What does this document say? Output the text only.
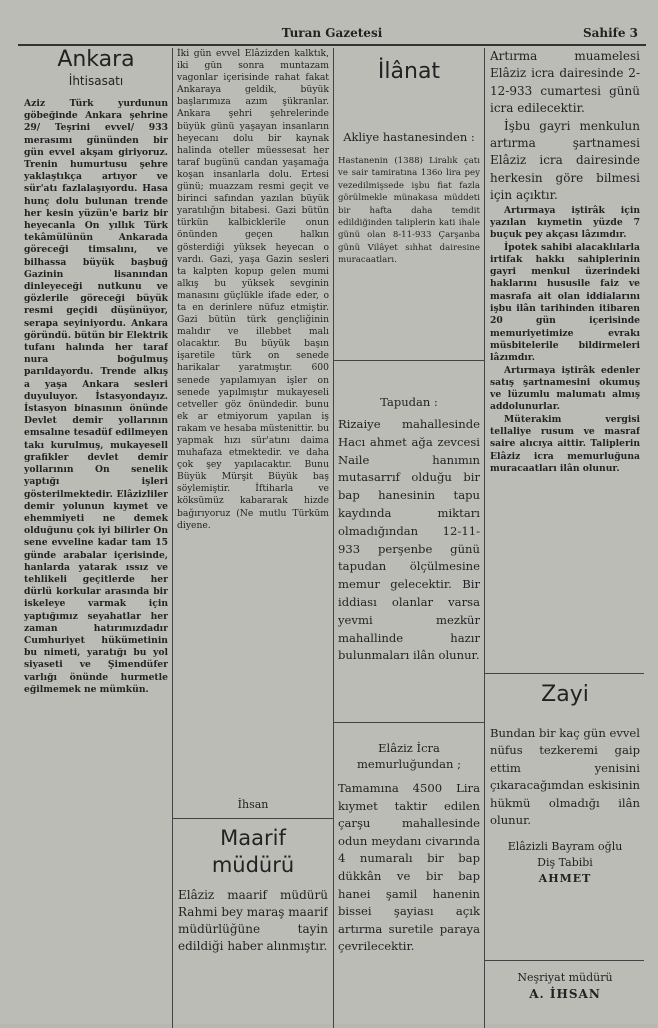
Turan Gazetesi	Sahife 3

Ankara

İhtisasatı

Aziz Türk yurdunun göbeğinde Ankara şehrine 29/ Teşrini evvel/ 933 merasımı gününden bir gün evvel akşam giriyoruz. Trenin humurtusu şehre yaklaştıkça artıyor ve sür'atı fazlalaşıyordu. Hasa hunç dolu bulunan trende her kesin yüzün'e bariz bir heyecanla On yıllık Türk tekâmülünün Ankarada göreceği timsalını, ve bilhassa büyük başbuğ Gazinin lisanından dinleyeceği nutkunu ve gözlerile göreceği büyük resmi geçidi düşünüyor, serapa seyiniyordu. Ankara göründü. bütün bir Elektrik tufanı halında her taraf nura boğulmuş parıldayordu. Trende alkış a yaşa Ankara sesleri duyuluyor. İstasyondayız. İstasyon binasının önünde Devlet demir yollarının emsalıne tesadüf edilmeyen takı kurulmuş, mukayesell grafikler devlet demir yollarının On senelik yaptığı işleri gösterilmektedir. Elâzizliler demir yolunun kıymet ve ehemmiyeti ne demek olduğunu çok iyi bilirler On sene evveline kadar tam 15 günde arabalar içerisinde, hanlarda yatarak ıssız ve tehlikeli geçitlerde her dürlü korkular arasında bir iskeleye varmak için yaptığımız seyahatlar her zaman hatırımızdadır Cumhuriyet hükümetinin bu nimeti, yaratığı bu yol siyaseti ve Şimendüfer varlığı önünde hurmetle eğilmemek ne mümkün.

İki gün evvel Elâzizden kalktık, iki gün sonra muntazam vagonlar içerisinde rahat fakat Ankaraya geldik, büyük başlarımıza azım şükranlar. Ankara şehri şehrelerinde büyük günü yaşayan insanların heyecanı dolu bir kaynak halinda oteller müessesat her taraf bugünü candan yaşamağa koşan insanlarla dolu. Ertesi günü; muazzam resmi geçit ve birinci safından yazılan büyük yaratılığın bitabesi. Gazi bütün türkün kalbicklerile onun önünden geçen halkın gösterdiği yüksek heyecan o vardı. Gazi, yaşa Gazin sesleri ta kalpten kopup gelen mumi alkış bu yüksek sevginin manasını güçlükle ifade eder, o ta en derinlere nüfuz etmiştir. Gazi bütün türk gençliğinin malıdır ve illebbet malı olacaktır. Bu büyük başın işaretile türk on senede harikalar yaratmıştır. 600 senede yapılamıyan işler on senede yapılmıştır mukayeseli cetveller göz önündedir. bunu ek ar etmiyorum yapılan iş rakam ve hesaba müstenittir. bu yapmak hızı sür'atını daima muhafaza etmektedir. ve daha çok şey yapılacaktır. Bunu Büyük Mürşit Büyük baş söylemiştir. İftiharla ve köksümüz kabararak hizde bağırıyoruz (Ne mutlu Türküm diyene.

İhsan

Maarif müdürü

Elâziz maarif müdürü Rahmi bey maraş maarif müdürlüğüne tayin edildiği haber alınmıştır.

İlânat

Akliye hastanesinden :

Hastanenin (1388) Liralık çatı ve sair tamiratına 136o lira pey vezedilmişsede işbu fiat fazla görülmekle münakasa müddeti bir hafta daha temdit edildiğinden taliplerin kati ihale günü olan 8-11-933 Çarşanba günü Vilâyet sıhhat dairesine muracaatları.

Tapudan :

Rizaiye mahallesinde Hacı ahmet ağa zevcesi Naile hanımın mutasarrıf olduğu bir bap hanesinin tapu kaydında miktarı olmadığından 12-11-933 perşenbe günü tapudan ölçülmesine memur gelecektir. Bir iddiası olanlar varsa yevmi mezkür mahallinde hazır bulunmaları ilân olunur.

Elâziz İcra memurluğundan ;

Tamamına 4500 Lira kıymet taktir edilen çarşu mahallesinde odun meydanı civarında 4 numaralı bir bap dükkân ve bir bap hanei şamil hanenin bissei şayiası açık artırma suretile paraya çevrilecektir.

Artırma muamelesi Elâziz icra dairesinde 2-12-933 cumartesi günü icra edilecektir.

İşbu gayri menkulun artırma şartnamesi Elâziz icra dairesinde herkesin göre bilmesi için açıktır.

Artırmaya iştirâk için yazılan kıymetin yüzde 7 buçuk pey akçası lâzımdır.

İpotek sahibi alacaklılarla irtifak hakkı sahiplerinin gayri menkul üzerindeki haklarını hususile faiz ve masrafa ait olan iddialarını işbu ilân tarihinden itibaren 20 gün içerisinde memuriyetimize evrakı müsbitelerile bildirmeleri lâzımdır.

Artırmaya iştirâk edenler satış şartnamesini okumuş ve lüzumlu malumatı almış addolunurlar.

Müterakim vergisi tellaliye rusum ve masraf saire alıcıya aittir. Taliplerin Elâziz icra memurluğuna muracaatları ilân olunur.

Zayi

Bundan bir kaç gün evvel nüfus tezkeremi gaip ettim yenisini çıkaracağımdan eskisinin hükmü olmadığı ilân olunur.

Elâzizli Bayram oğlu

Diş Tabibi

AHMET

Neşriyat müdürü

A. İHSAN
